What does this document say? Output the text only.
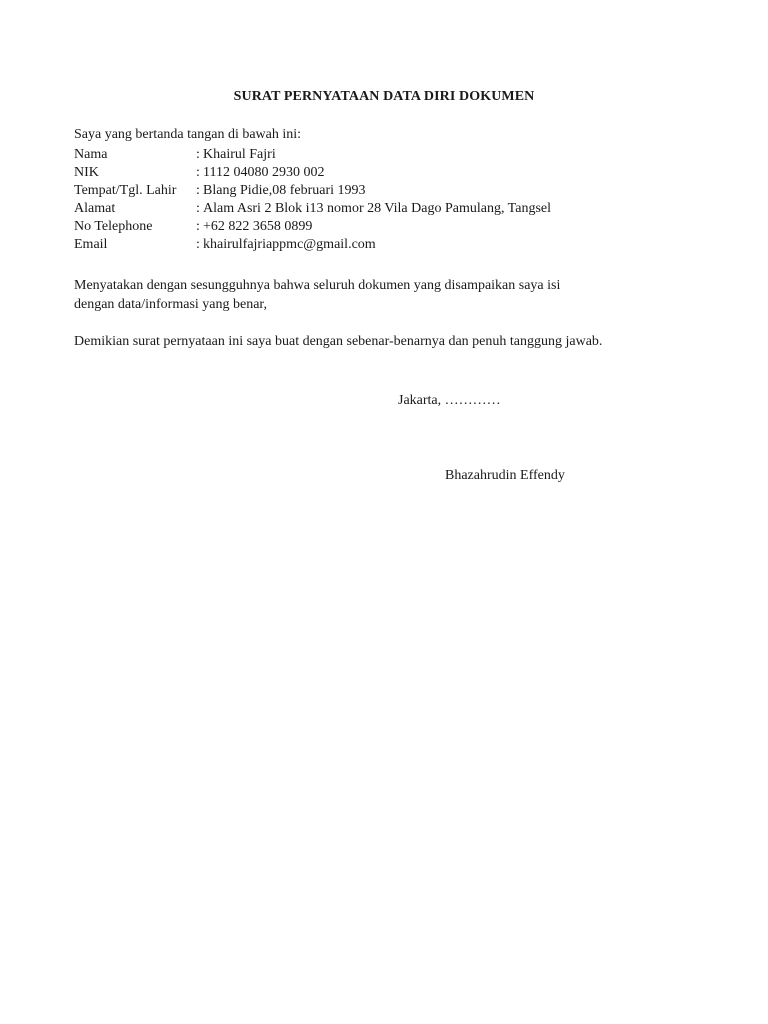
SURAT PERNYATAAN DATA DIRI DOKUMEN
Saya yang bertanda tangan di bawah ini:
Nama	: Khairul Fajri
NIK	: 1112 04080 2930 002
Tempat/Tgl. Lahir	: Blang Pidie,08 februari 1993
Alamat	: Alam Asri 2 Blok i13 nomor 28 Vila Dago Pamulang, Tangsel
No Telephone	: +62 822 3658 0899
Email	: khairulfajriappmc@gmail.com
Menyatakan dengan sesungguhnya bahwa seluruh dokumen yang disampaikan saya isi
dengan data/informasi yang benar,
Demikian surat pernyataan ini saya buat dengan sebenar-benarnya dan penuh tanggung jawab.
Jakarta, …………
Bhazahrudin Effendy
